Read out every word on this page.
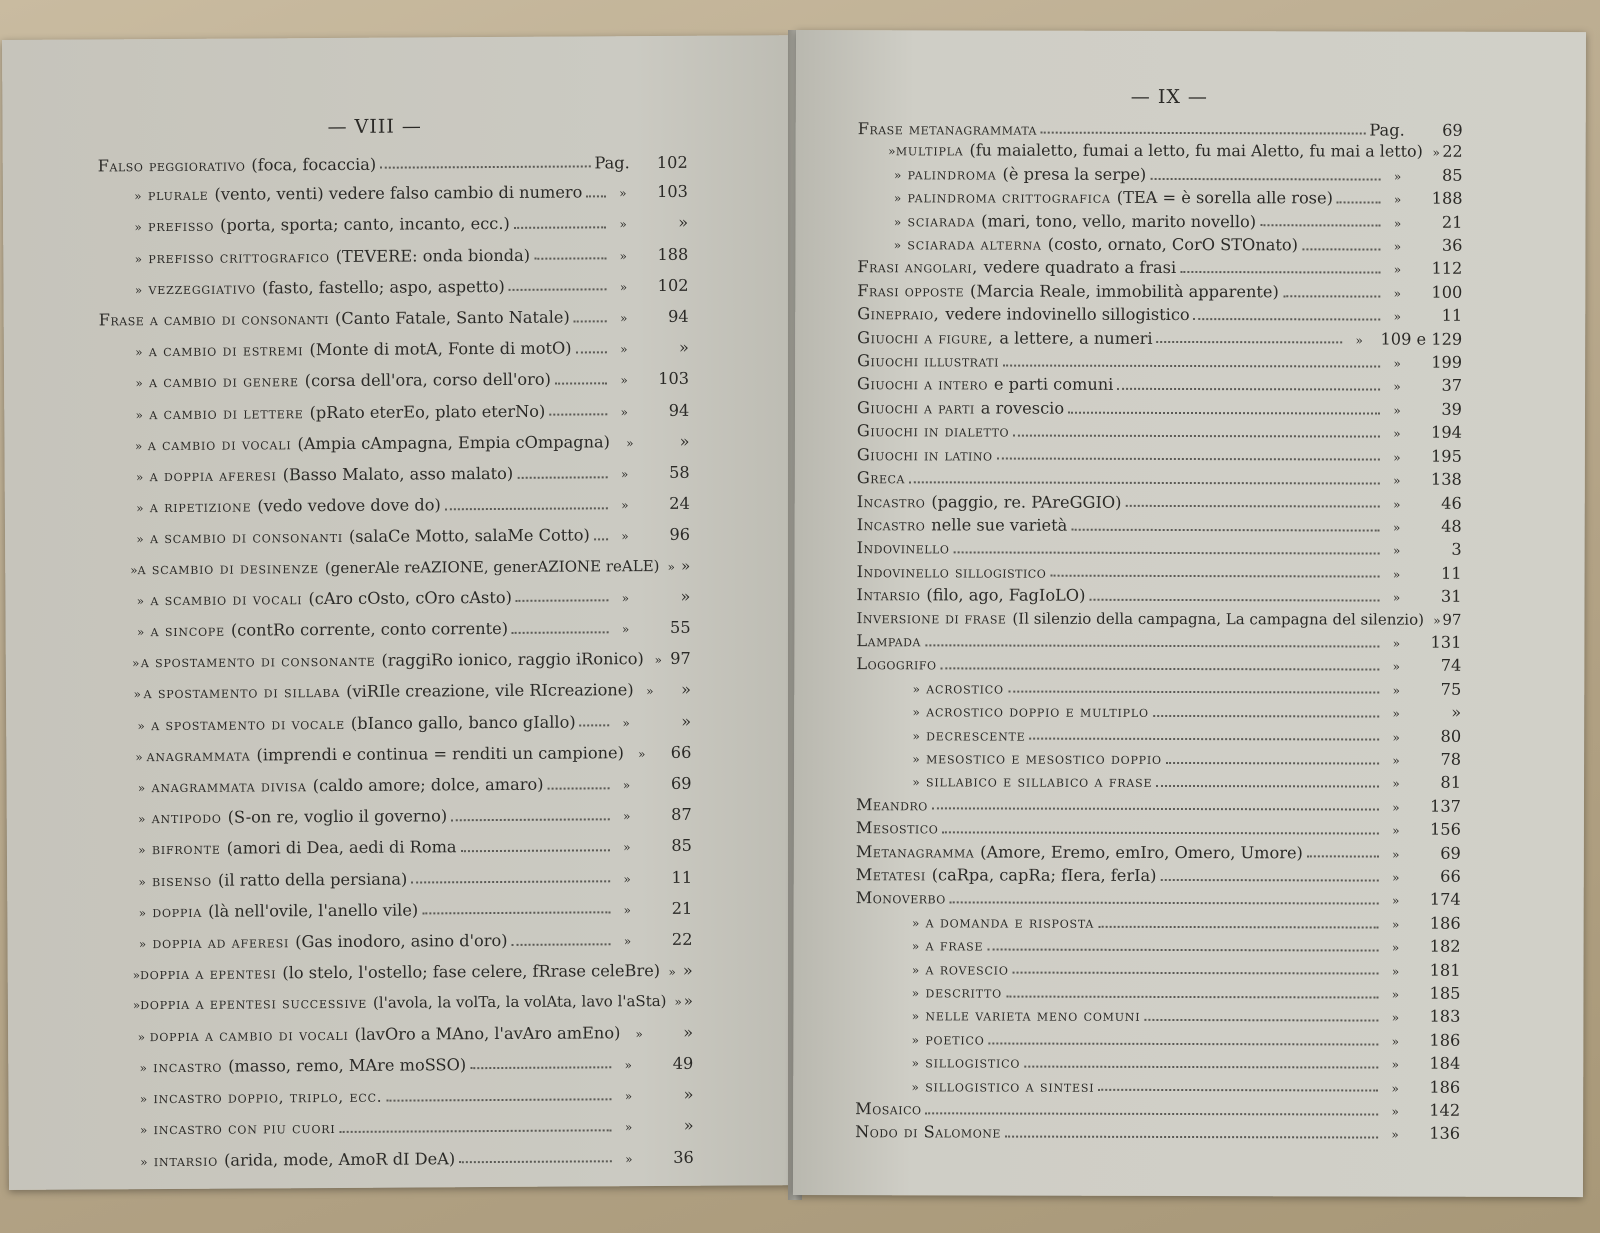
— VIII —
Falso peggiorativo (foca, focaccia)	Pag.	102
» plurale (vento, venti) vedere falso cambio di numero	»	103
» prefisso (porta, sporta; canto, incanto, ecc.)	»	»
» prefisso crittografico (TEVERE: onda bionda)	»	188
» vezzeggiativo (fasto, fastello; aspo, aspetto)	»	102
Frase a cambio di consonanti (Canto Fatale, Santo Natale)	»	94
» a cambio di estremi (Monte di motA, Fonte di motO)	»	»
» a cambio di genere (corsa dell'ora, corso dell'oro)	»	103
» a cambio di lettere (pRato eterEo, plato eterNo)	»	94
» a cambio di vocali (Ampia cAmpagna, Empia cOmpagna)	»	»
» a doppia aferesi (Basso Malato, asso malato)	»	58
» a ripetizione (vedo vedove dove do)	»	24
» a scambio di consonanti (salaCe Motto, salaMe Cotto)	»	96
» a scambio di desinenze (generAle reAZIONE, generAZIONE reALE) » »
» a scambio di vocali (cAro cOsto, cOro cAsto)	»	»
» a sincope (contRo corrente, conto corrente)	»	55
» a spostamento di consonante (raggiRo ionico, raggio iRonico) » 97
» a spostamento di sillaba (viRIle creazione, vile RIcreazione)	»	»
» a spostamento di vocale (bIanco gallo, banco gIallo)	»	»
» anagrammata (imprendi e continua = renditi un campione)	»	66
» anagrammata divisa (caldo amore; dolce, amaro)	»	69
» antipodo (S-on re, voglio il governo)	»	87
» bifronte (amori di Dea, aedi di Roma	»	85
» bisenso (il ratto della persiana)	»	11
» doppia (là nell'ovile, l'anello vile)	»	21
» doppia ad aferesi (Gas inodoro, asino d'oro)	»	22
» doppia a epentesi (lo stelo, l'ostello; fase celere, fRrase celeBre) » »
» doppia a epentesi successive (l'avola, la volTa, la volAta, lavo l'aSta) » »
» doppia a cambio di vocali (lavOro a MAno, l'avAro amEno)	»	»
» incastro (masso, remo, MAre moSSO)	»	49
» incastro doppio, triplo, ecc.	»	»
» incastro con piu cuori	»	»
» intarsio (arida, mode, AmoR dI DeA)	»	36
— IX —
Frase metanagrammata	Pag.	69
» multipla (fu maialetto, fumai a letto, fu mai Aletto, fu mai a letto) » 22
» palindroma (è presa la serpe)	»	85
» palindroma crittografica (TEA = è sorella alle rose)	»	188
» sciarada (mari, tono, vello, marito novello)	»	21
» sciarada alterna (costo, ornato, CorO STOnato)	»	36
Frasi angolari, vedere quadrato a frasi	»	112
Frasi opposte (Marcia Reale, immobilità apparente)	»	100
Ginepraio, vedere indovinello sillogistico	»	11
Giuochi a figure, a lettere, a numeri	»	109 e 129
Giuochi illustrati	»	199
Giuochi a intero e parti comuni	»	37
Giuochi a parti a rovescio	»	39
Giuochi in dialetto	»	194
Giuochi in latino	»	195
Greca	»	138
Incastro (paggio, re. PAreGGIO)	»	46
Incastro nelle sue varietà	»	48
Indovinello	»	3
Indovinello sillogistico	»	11
Intarsio (filo, ago, FagIoLO)	»	31
Inversione di frase (Il silenzio della campagna, La campagna del silenzio) » 97
Lampada	»	131
Logogrifo	»	74
» acrostico	»	75
» acrostico doppio e multiplo	»	»
» decrescente	»	80
» mesostico e mesostico doppio	»	78
» sillabico e sillabico a frase	»	81
Meandro	»	137
Mesostico	»	156
Metanagramma (Amore, Eremo, emIro, Omero, Umore)	»	69
Metatesi (caRpa, capRa; fIera, ferIa)	»	66
Monoverbo	»	174
» a domanda e risposta	»	186
» a frase	»	182
» a rovescio	»	181
» descritto	»	185
» nelle varieta meno comuni	»	183
» poetico	»	186
» sillogistico	»	184
» sillogistico a sintesi	»	186
Mosaico	»	142
Nodo di Salomone	»	136
